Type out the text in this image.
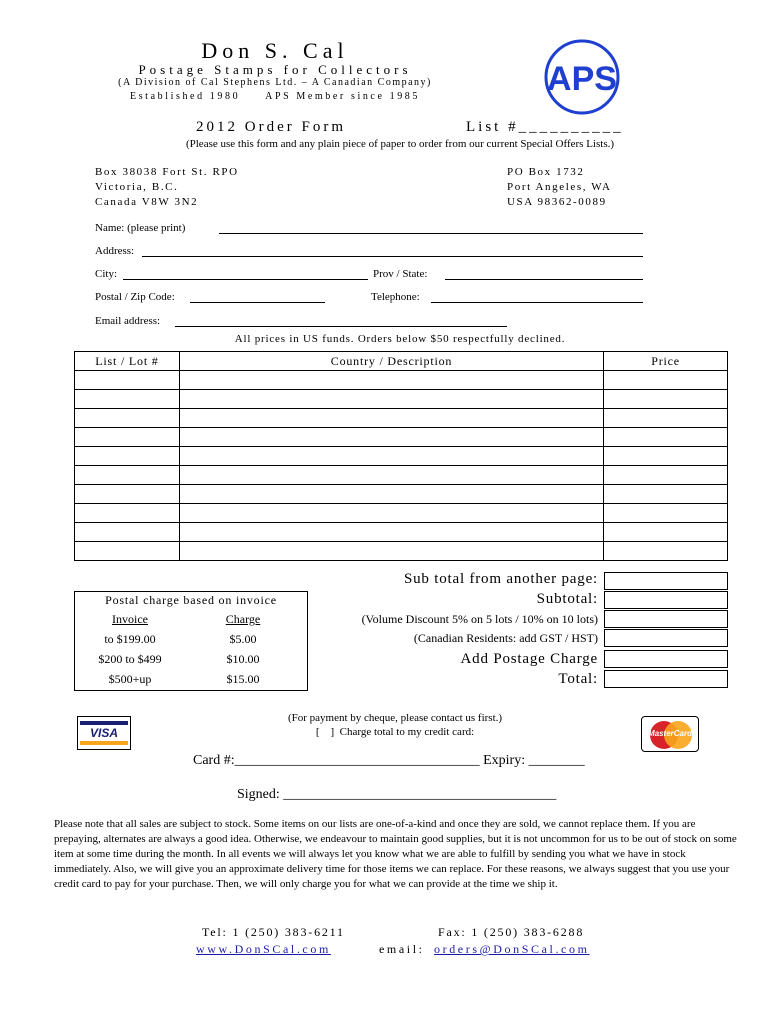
Don S. Cal
Postage Stamps for Collectors
(A Division of Cal Stephens Ltd. – A Canadian Company)
Established 1980     APS Member since 1985	APS
2012 Order Form	List #__________
(Please use this form and any plain piece of paper to order from our current Special Offers Lists.)
Box 38038 Fort St. RPO
Victoria, B.C.
Canada V8W 3N2
PO Box 1732
Port Angeles, WA
USA 98362-0089
Name: (please print)
Address:
City:	Prov / State:
Postal / Zip Code:	Telephone:
Email address:
All prices in US funds. Orders below $50 respectfully declined.
List / Lot #	Country / Description	Price

Sub total from another page:
Subtotal:
(Volume Discount 5% on 5 lots / 10% on 10 lots)
(Canadian Residents: add GST / HST)
Add Postage Charge
Total:
Postal charge based on invoice
Invoice	Charge
to $199.00	$5.00
$200 to $499	$10.00
$500+up	$15.00
(For payment by cheque, please contact us first.)
[    ]  Charge total to my credit card:
VISA	MasterCard
Card #:___________________________________ Expiry: ________
Signed: _______________________________________
Please note that all sales are subject to stock. Some items on our lists are one-of-a-kind and once they are sold, we cannot replace them. If you are prepaying, alternates are always a good idea. Otherwise, we endeavour to maintain good supplies, but it is not uncommon for us to be out of stock on some item at some time during the month. In all events we will always let you know what we are able to fulfill by sending you what we have in stock immediately. Also, we will give you an approximate delivery time for those items we can replace. For these reasons, we always suggest that you use your credit card to pay for your purchase. Then, we will only charge you for what we can provide at the time we ship it.
Tel: 1 (250) 383-6211	Fax: 1 (250) 383-6288
www.DonSCal.com	email: orders@DonSCal.com
